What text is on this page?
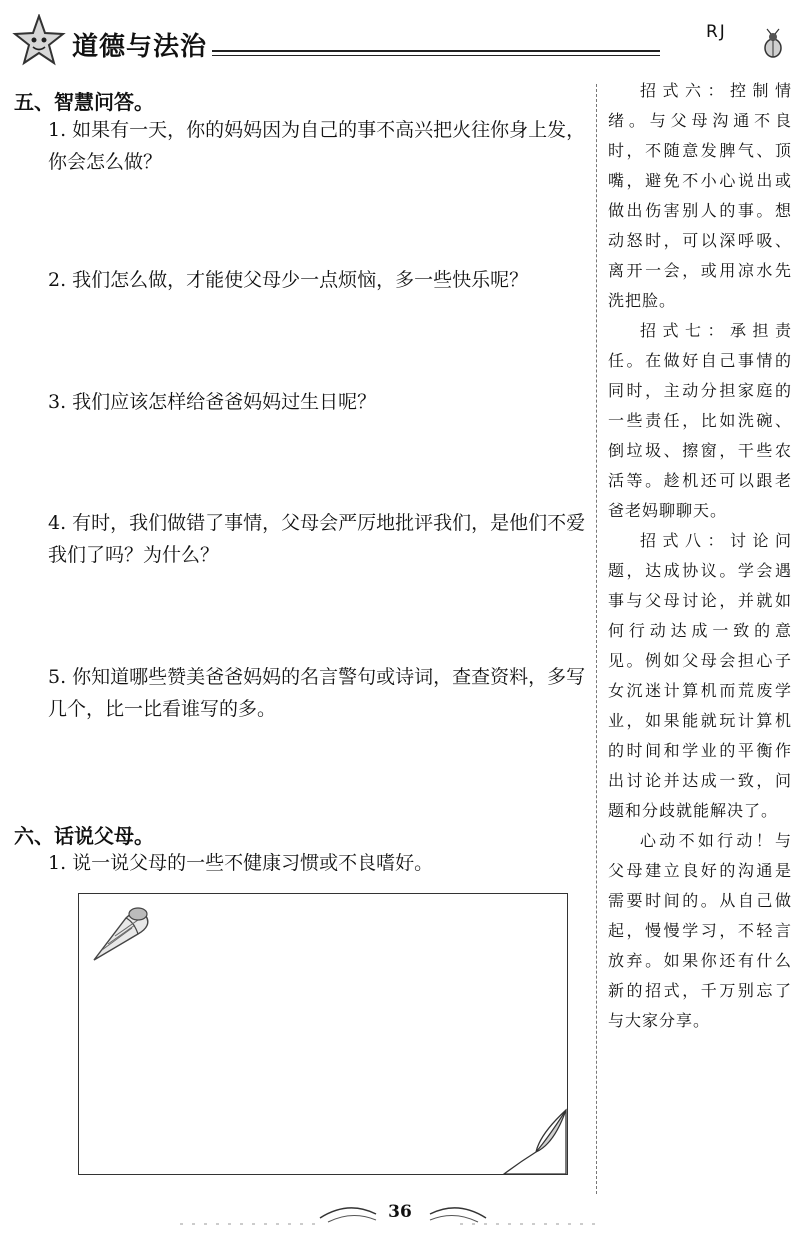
道德与法治	RJ
五、智慧问答。
1. 如果有一天，你的妈妈因为自己的事不高兴把火往你身上发，你会怎么做？
2. 我们怎么做，才能使父母少一点烦恼，多一些快乐呢？
3. 我们应该怎样给爸爸妈妈过生日呢？
4. 有时，我们做错了事情，父母会严厉地批评我们，是他们不爱我们了吗？为什么？
5. 你知道哪些赞美爸爸妈妈的名言警句或诗词，查查资料，多写几个，比一比看谁写的多。
六、话说父母。
1. 说一说父母的一些不健康习惯或不良嗜好。

招式六：控制情绪。与父母沟通不良时，不随意发脾气、顶嘴，避免不小心说出或做出伤害别人的事。想动怒时，可以深呼吸、离开一会，或用凉水先洗把脸。

招式七：承担责任。在做好自己事情的同时，主动分担家庭的一些责任，比如洗碗、倒垃圾、擦窗，干些农活等。趁机还可以跟老爸老妈聊聊天。

招式八：讨论问题，达成协议。学会遇事与父母讨论，并就如何行动达成一致的意见。例如父母会担心子女沉迷计算机而荒废学业，如果能就玩计算机的时间和学业的平衡作出讨论并达成一致，问题和分歧就能解决了。

心动不如行动！与父母建立良好的沟通是需要时间的。从自己做起，慢慢学习，不轻言放弃。如果你还有什么新的招式，千万别忘了与大家分享。

36
